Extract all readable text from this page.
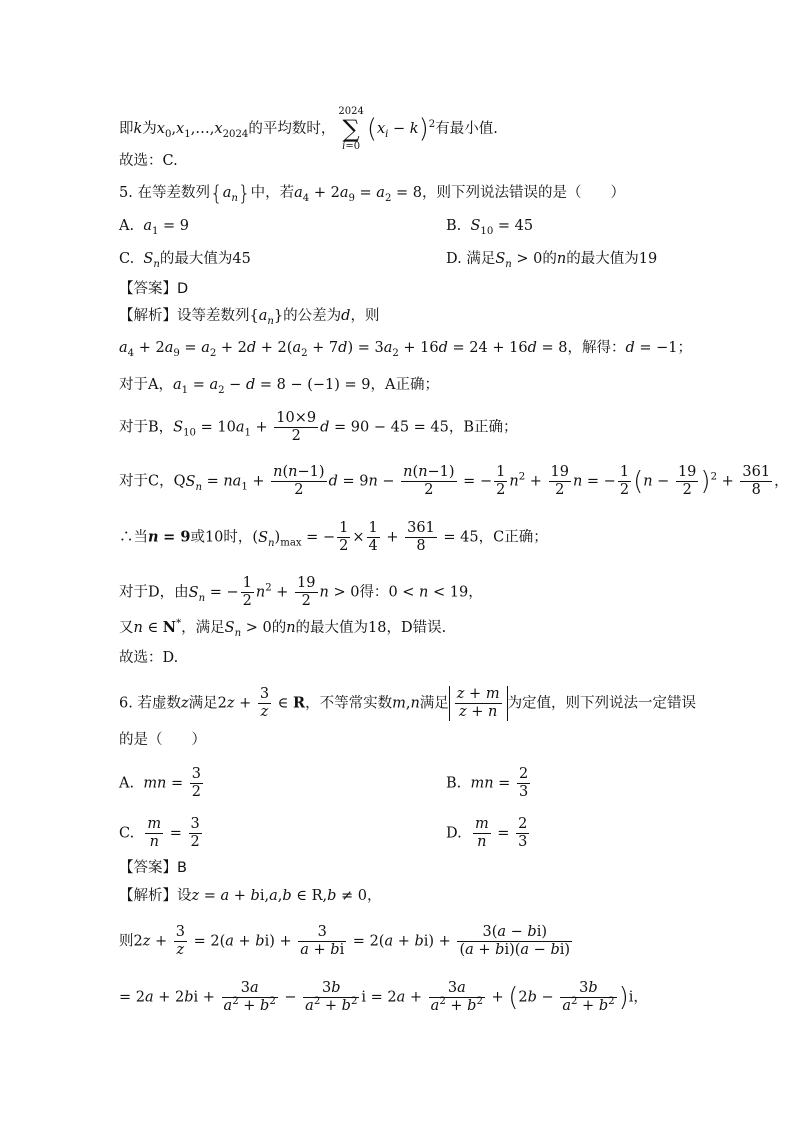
即k为$x_0,x_1,\dots,x_{2024}$的平均数时，2024
∑
$i=0(x_i - k)^2$有最小值.
故选：C.
5. 在等差数列$\{a_n\}$中，若$a_4 + 2a_9 = a_2 = 8$，则下列说法错误的是（　　）
A. $a_1 = 9$	B. $S_{10} = 45$
C. $S_n$的最大值为45	D. 满足$S_n > 0$的n的最大值为19
【答案】D
【解析】设等差数列$\{a_n\}$的公差为d，则
$a_4 + 2a_9 = a_2 + 2d + 2(a_2 + 7d) = 3a_2 + 16d = 24 + 16d = 8$，解得：d = −1；
对于A，$a_1 = a_2 - d = 8 - (-1) = 9$，A正确；
对于B，$S_{10} = 10a_1 + \frac{10\times 9}{2}$ d = 90 − 45 = 45，B正确；
对于C，$QS_n = na_1 + \frac{n(n-1)}{2}$ $d = 9n - \frac{n(n-1)}{2}$ = − $\frac{1}{2} n^2 + \frac{19}{2}$ n = − $\frac{1}{2} (n - \frac{19}{2} )^2 + \frac{361}{8}$ ，
∴当n = 9或10时，$(S_n)_{max}$ = − $\frac{1}{2} \times \frac{1}{4} + \frac{361}{8} = 45$，C正确；
对于D，由$S_n$ = − $\frac{1}{2} n^2 + \frac{19}{2}$ n > 0得：0 < n < 19，
又n ∈ N*，满足$S_n > 0$的n的最大值为18，D错误.
故选：D.
6. 若虚数z满足$2z + \frac{3}{z}$ ∈ R，不等常实数m,n满足 $\frac{z + m}{z + n}$ 为定值，则下列说法一定错误
的是（　　）
A. mn = $\frac{3}{2}$	B. mn = $\frac{2}{3}$
C. $\frac{m}{n} = \frac{3}{2}$	D. $\frac{m}{n} = \frac{2}{3}$
【答案】B
【解析】设z = a + bi,a,b ∈ R,b ≠ 0，
则$2z + \frac{3}{z} = 2(a + bi) + \frac{3}{a + bi} = 2(a + bi) + \frac{3(a - bi)}{(a + bi)(a - bi)}$
= $2a + 2bi + \frac{3a}{a^2 + b^2} - \frac{3b}{a^2 + b^2}$ $i = 2a + \frac{3a}{a^2 + b^2} + (2b - \frac{3b}{a^2 + b^2} )i$，
